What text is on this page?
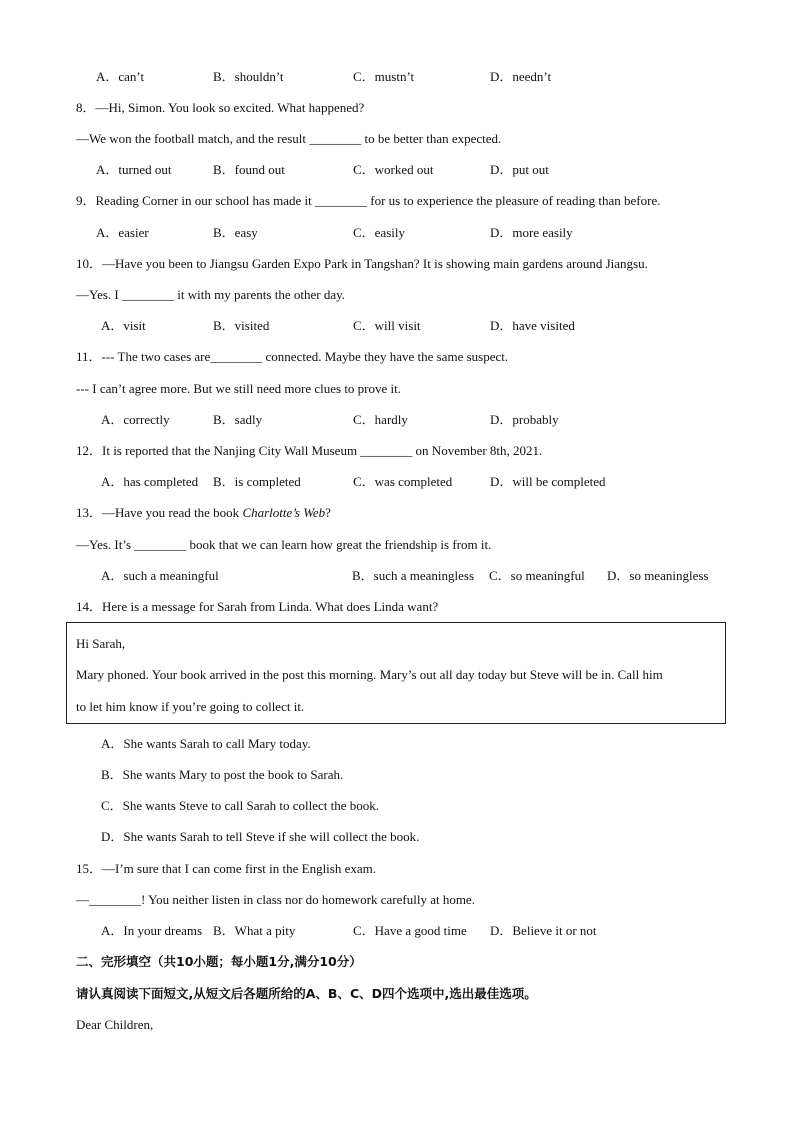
A．can’t	B．shouldn’t	C．mustn’t	D．needn’t
8．—Hi, Simon. You look so excited. What happened?
—We won the football match, and the result ________ to be better than expected.
A．turned out	B．found out	C．worked out	D．put out
9．Reading Corner in our school has made it ________ for us to experience the pleasure of reading than before.
A．easier	B．easy	C．easily	D．more easily
10．—Have you been to Jiangsu Garden Expo Park in Tangshan? It is showing main gardens around Jiangsu.
—Yes. I ________ it with my parents the other day.
A．visit	B．visited	C．will visit	D．have visited
11．--- The two cases are________ connected. Maybe they have the same suspect.
--- I can’t agree more. But we still need more clues to prove it.
A．correctly	B．sadly	C．hardly	D．probably
12．It is reported that the Nanjing City Wall Museum ________ on November 8th, 2021.
A．has completed B．is completed	C．was completed	D．will be completed
13．—Have you read the book Charlotte’s Web?
—Yes. It’s ________ book that we can learn how great the friendship is from it.
A．such a meaningful	B．such a meaningless C．so meaningful D．so meaningless
14．Here is a message for Sarah from Linda. What does Linda want?
Hi Sarah,
Mary phoned. Your book arrived in the post this morning. Mary’s out all day today but Steve will be in. Call him
to let him know if you’re going to collect it.
A．She wants Sarah to call Mary today.
B．She wants Mary to post the book to Sarah.
C．She wants Steve to call Sarah to collect the book.
D．She wants Sarah to tell Steve if she will collect the book.
15．—I’m sure that I can come first in the English exam.
—________! You neither listen in class nor do homework carefully at home.
A．In your dreams B．What a pity	C．Have a good time D．Believe it or not
二、完形填空（共10小题；每小题1分,满分10分）
请认真阅读下面短文,从短文后各题所给的A、B、C、D四个选项中,选出最佳选项。
Dear Children,
